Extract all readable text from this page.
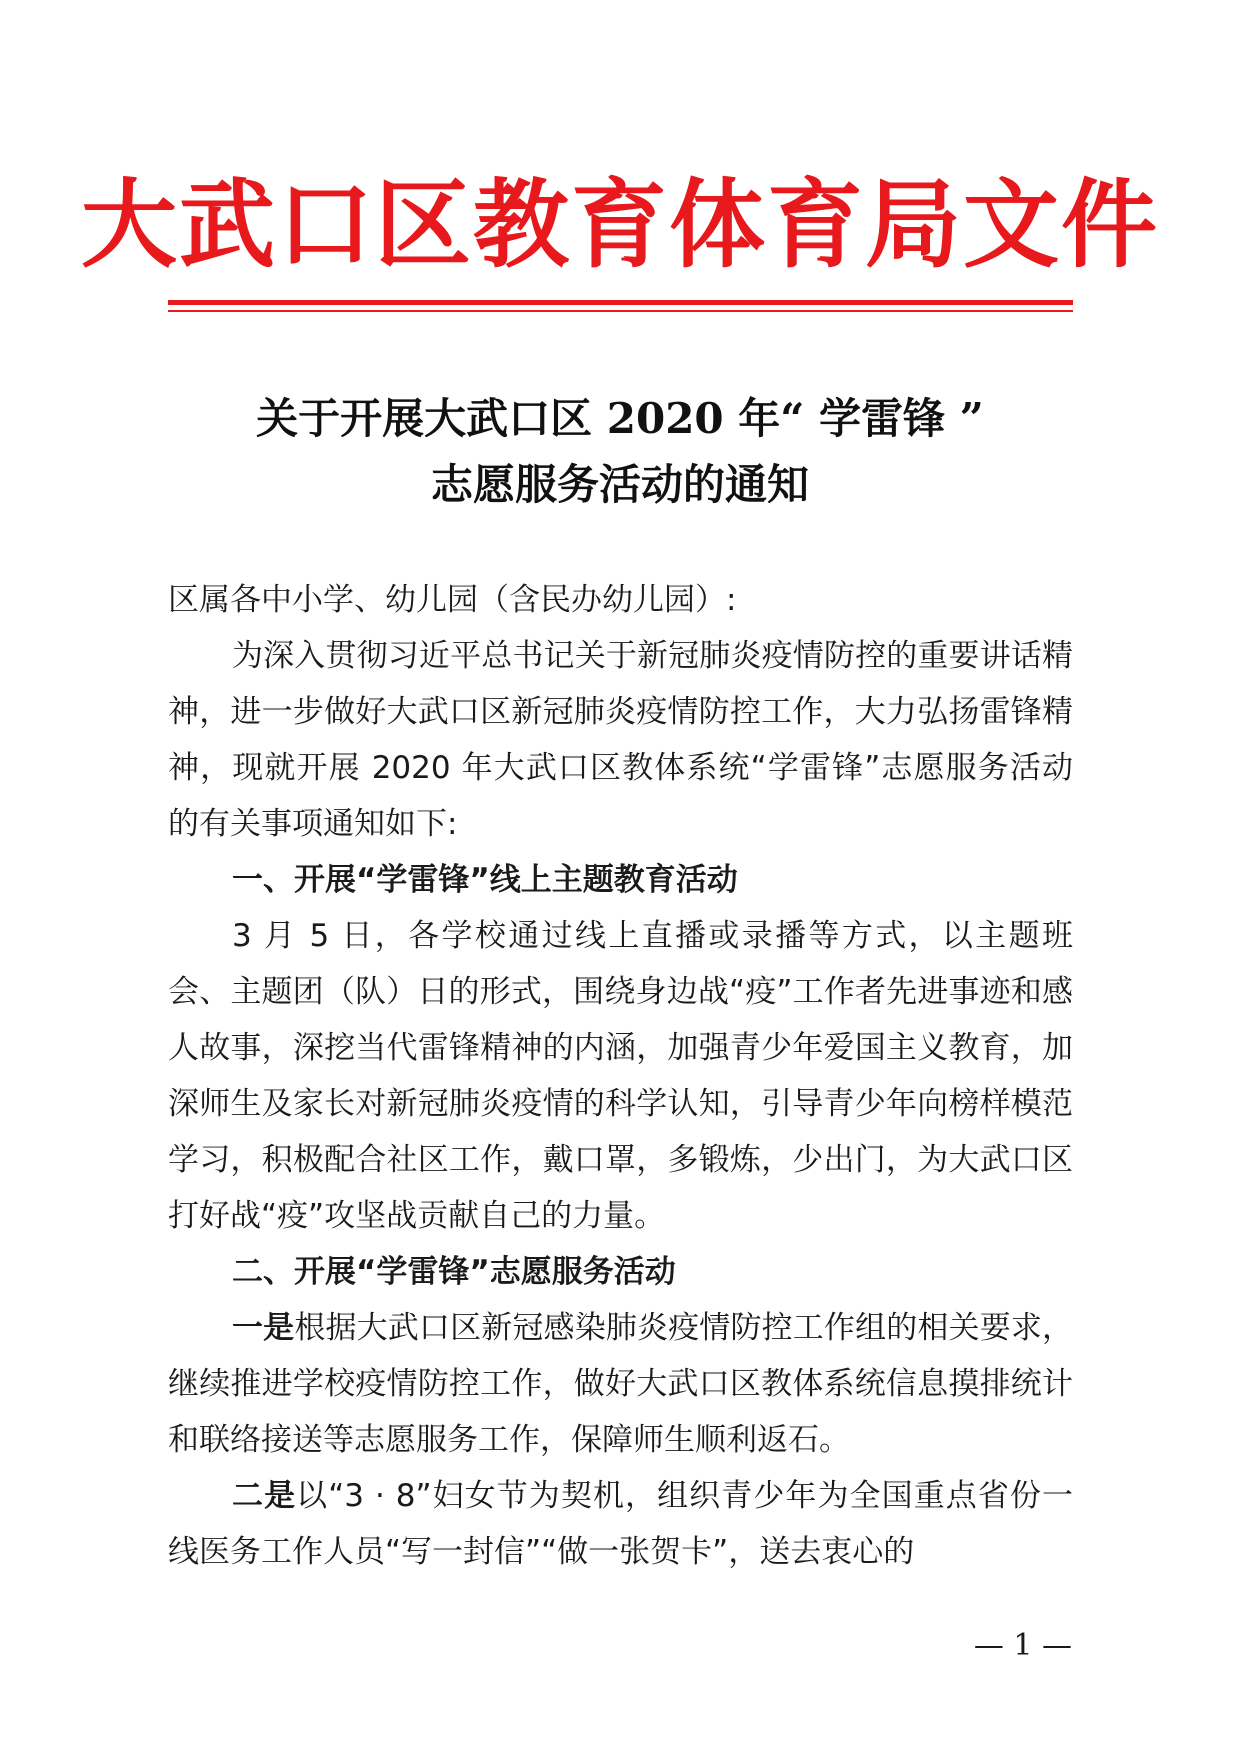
大武口区教育体育局文件
关于开展大武口区 2020 年“ 学雷锋 ”
志愿服务活动的通知

区属各中小学、幼儿园（含民办幼儿园）:

为深入贯彻习近平总书记关于新冠肺炎疫情防控的重要讲话精神，进一步做好大武口区新冠肺炎疫情防控工作，大力弘扬雷锋精神，现就开展 2020 年大武口区教体系统“学雷锋”志愿服务活动的有关事项通知如下:

一、开展“学雷锋”线上主题教育活动

3 月 5 日，各学校通过线上直播或录播等方式，以主题班会、主题团（队）日的形式，围绕身边战“疫”工作者先进事迹和感人故事，深挖当代雷锋精神的内涵，加强青少年爱国主义教育，加深师生及家长对新冠肺炎疫情的科学认知，引导青少年向榜样模范学习，积极配合社区工作，戴口罩，多锻炼，少出门，为大武口区打好战“疫”攻坚战贡献自己的力量。

二、开展“学雷锋”志愿服务活动

一是根据大武口区新冠感染肺炎疫情防控工作组的相关要求，继续推进学校疫情防控工作，做好大武口区教体系统信息摸排统计和联络接送等志愿服务工作，保障师生顺利返石。

二是以“3 · 8”妇女节为契机，组织青少年为全国重点省份一线医务工作人员“写一封信”“做一张贺卡”，送去衷心的

— 1 —
